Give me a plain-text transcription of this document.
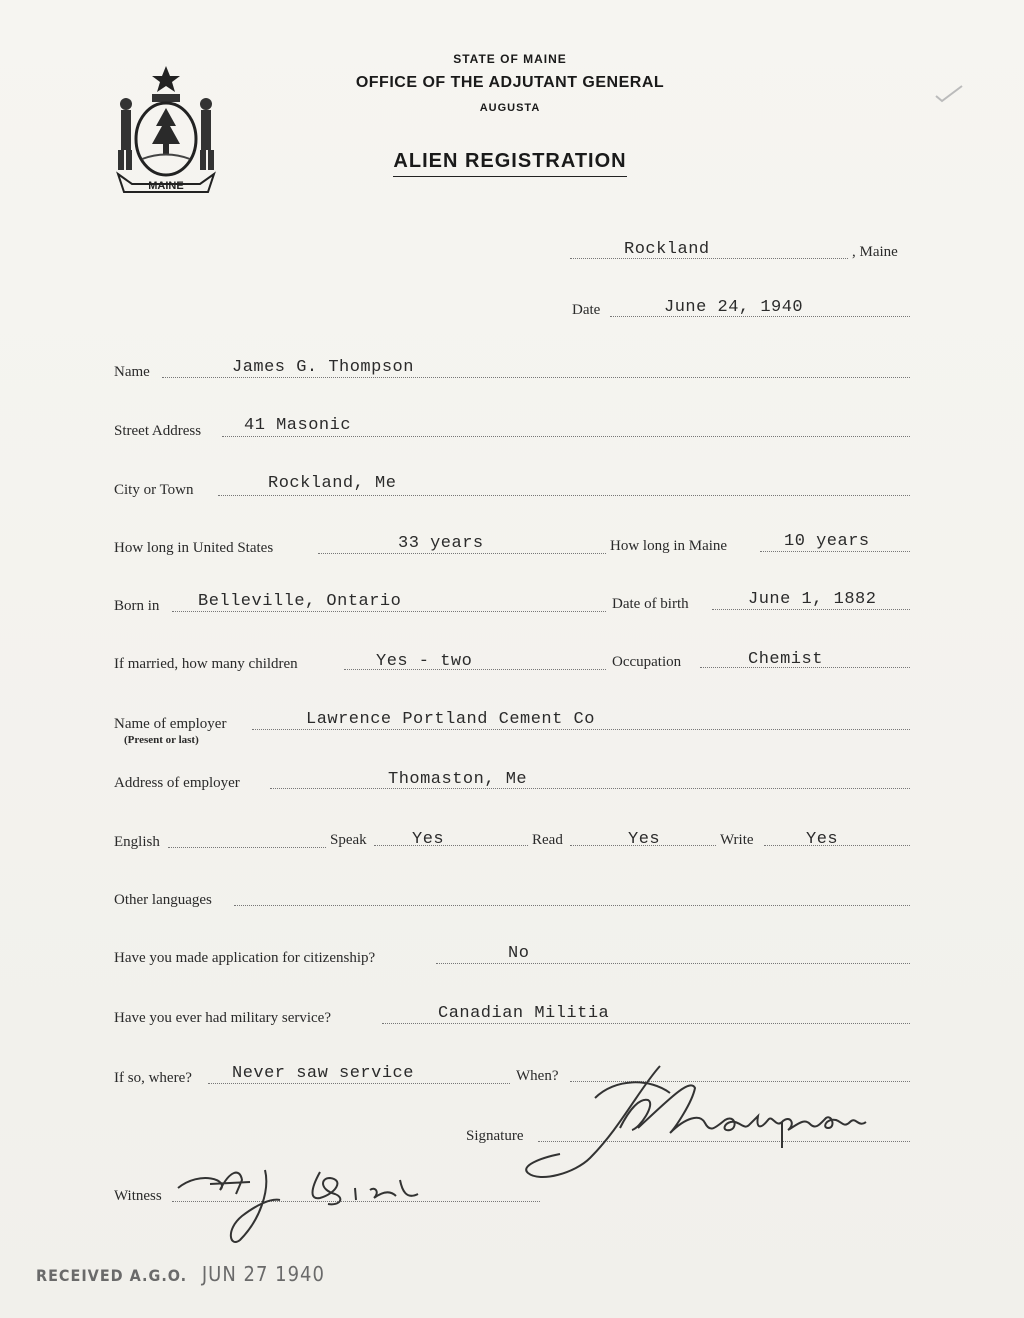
MAINE
STATE OF MAINE
OFFICE OF THE ADJUTANT GENERAL
AUGUSTA
ALIEN REGISTRATION
Rockland	, Maine
Date	June 24, 1940
Name	James G. Thompson
Street Address	41 Masonic
City or Town	Rockland, Me
How long in United States	33 years	How long in Maine	10 years
Born in Belleville, Ontario	Date of birth	June 1, 1882
If married, how many children	Yes - two	Occupation	Chemist
Name of employer
(Present or last)
Lawrence Portland Cement Co
Address of employer	Thomaston, Me
English	Speak	Yes	Read	Yes	Write	Yes
Other languages
Have you made application for citizenship?	No
Have you ever had military service?	Canadian Militia
If so, where? Never saw service	When?
Signature
Witness
RECEIVED A.G.O. JUN 27 1940
